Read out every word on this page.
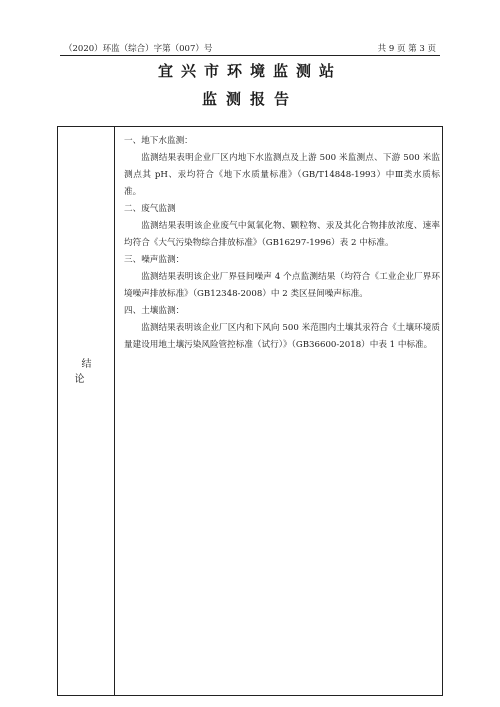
（2020）环监（综合）字第（007）号	共 9 页 第 3 页
宜兴市环境监测站
监测报告
结论

一、地下水监测：

监测结果表明企业厂区内地下水监测点及上游 500 米监测点、下游 500 米监测点其 pH、汞均符合《地下水质量标准》（GB/T14848-1993）中Ⅲ类水质标准。

二、废气监测

监测结果表明该企业废气中氮氧化物、颗粒物、汞及其化合物排放浓度、速率均符合《大气污染物综合排放标准》（GB16297-1996）表 2 中标准。

三、噪声监测：

监测结果表明该企业厂界昼间噪声 4 个点监测结果（均符合《工业企业厂界环境噪声排放标准》（GB12348-2008）中 2 类区昼间噪声标准。

四、土壤监测：

监测结果表明该企业厂区内和下风向 500 米范围内土壤其汞符合《土壤环境质量建设用地土壤污染风险管控标准（试行）》（GB36600-2018）中表 1 中标准。
